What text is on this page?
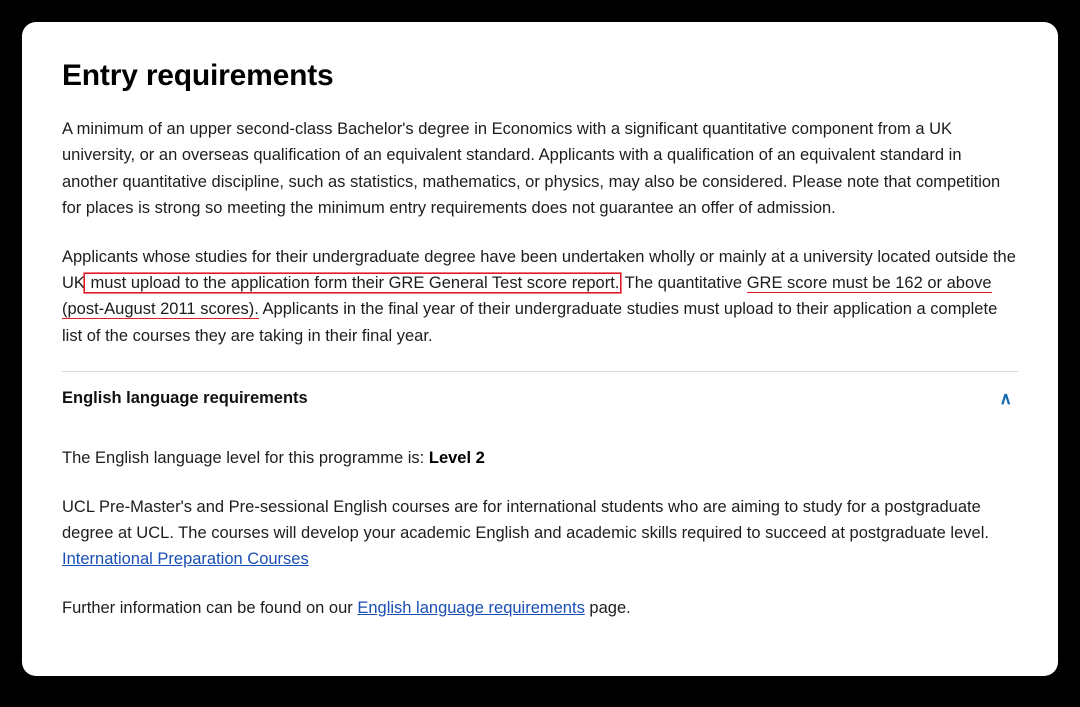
Entry requirements

A minimum of an upper second-class Bachelor's degree in Economics with a significant quantitative component from a UK university, or an overseas qualification of an equivalent standard. Applicants with a qualification of an equivalent standard in another quantitative discipline, such as statistics, mathematics, or physics, may also be considered. Please note that competition for places is strong so meeting the minimum entry requirements does not guarantee an offer of admission.

Applicants whose studies for their undergraduate degree have been undertaken wholly or mainly at a university located outside the UK must upload to the application form their GRE General Test score report. The quantitative GRE score must be 162 or above (post-August 2011 scores). Applicants in the final year of their undergraduate studies must upload to their application a complete list of the courses they are taking in their final year.

English language requirements	∧

The English language level for this programme is: Level 2

UCL Pre-Master's and Pre-sessional English courses are for international students who are aiming to study for a postgraduate degree at UCL. The courses will develop your academic English and academic skills required to succeed at postgraduate level. International Preparation Courses

Further information can be found on our English language requirements page.
